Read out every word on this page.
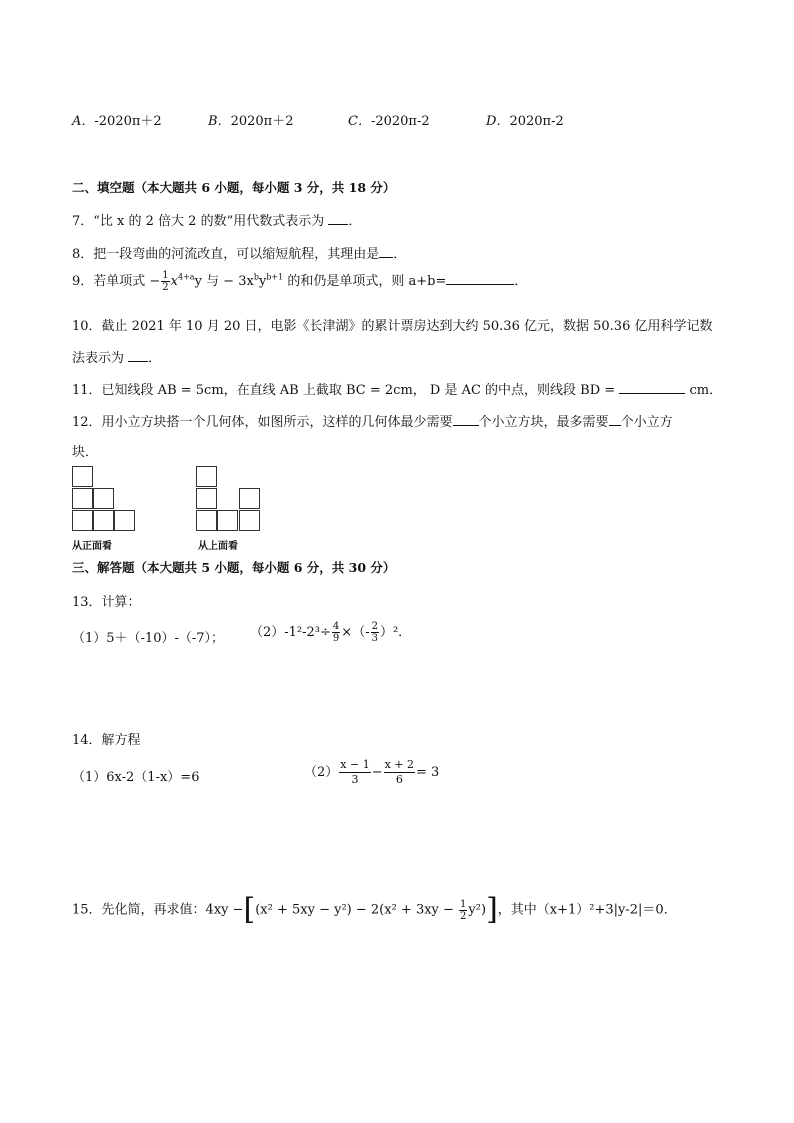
A．-2020π＋2	B．2020π＋2	C．-2020π-2	D．2020π-2
二、填空题（本大题共 6 小题，每小题 3 分，共 18 分）
7．“比 x 的 2 倍大 2 的数”用代数式表示为 ．
8．把一段弯曲的河流改直，可以缩短航程，其理由是 ．
9．若单项式 − $\frac{1}{2} x^{4+a}y$ 与 − $3x^by^{b+1}$ 的和仍是单项式，则 a+b=	．
10．截止 2021 年 10 月 20 日，电影《长津湖》的累计票房达到大约 50.36 亿元，数据 50.36 亿用科学记数
法表示为 ．
11．已知线段 AB = 5cm，在直线 AB 上截取 BC = 2cm， D 是 AC 的中点，则线段 BD =	cm．
12．用小立方块搭一个几何体，如图所示，这样的几何体最少需要 个小立方块，最多需要 个小立方
块．
从正面看	从上面看
三、解答题（本大题共 5 小题，每小题 6 分，共 30 分）
13．计算：
（1）5＋（-10）-（-7）； $(2)-1^2-2^3\div \frac{4}{9}$ ×（- $\frac{2}{3} )^2$．
14．解方程
（1）6x-2（1-x）=6	$(2) \frac{x - 1}{3} - \frac{x + 2}{6} = 3$
15．先化简，再求值：$4xy -[(x^2 + 5xy - y^2) - 2(x^2 + 3xy - \frac{1}{2} y^2)]$，其中（x+1）²+3|y-2|＝0．
